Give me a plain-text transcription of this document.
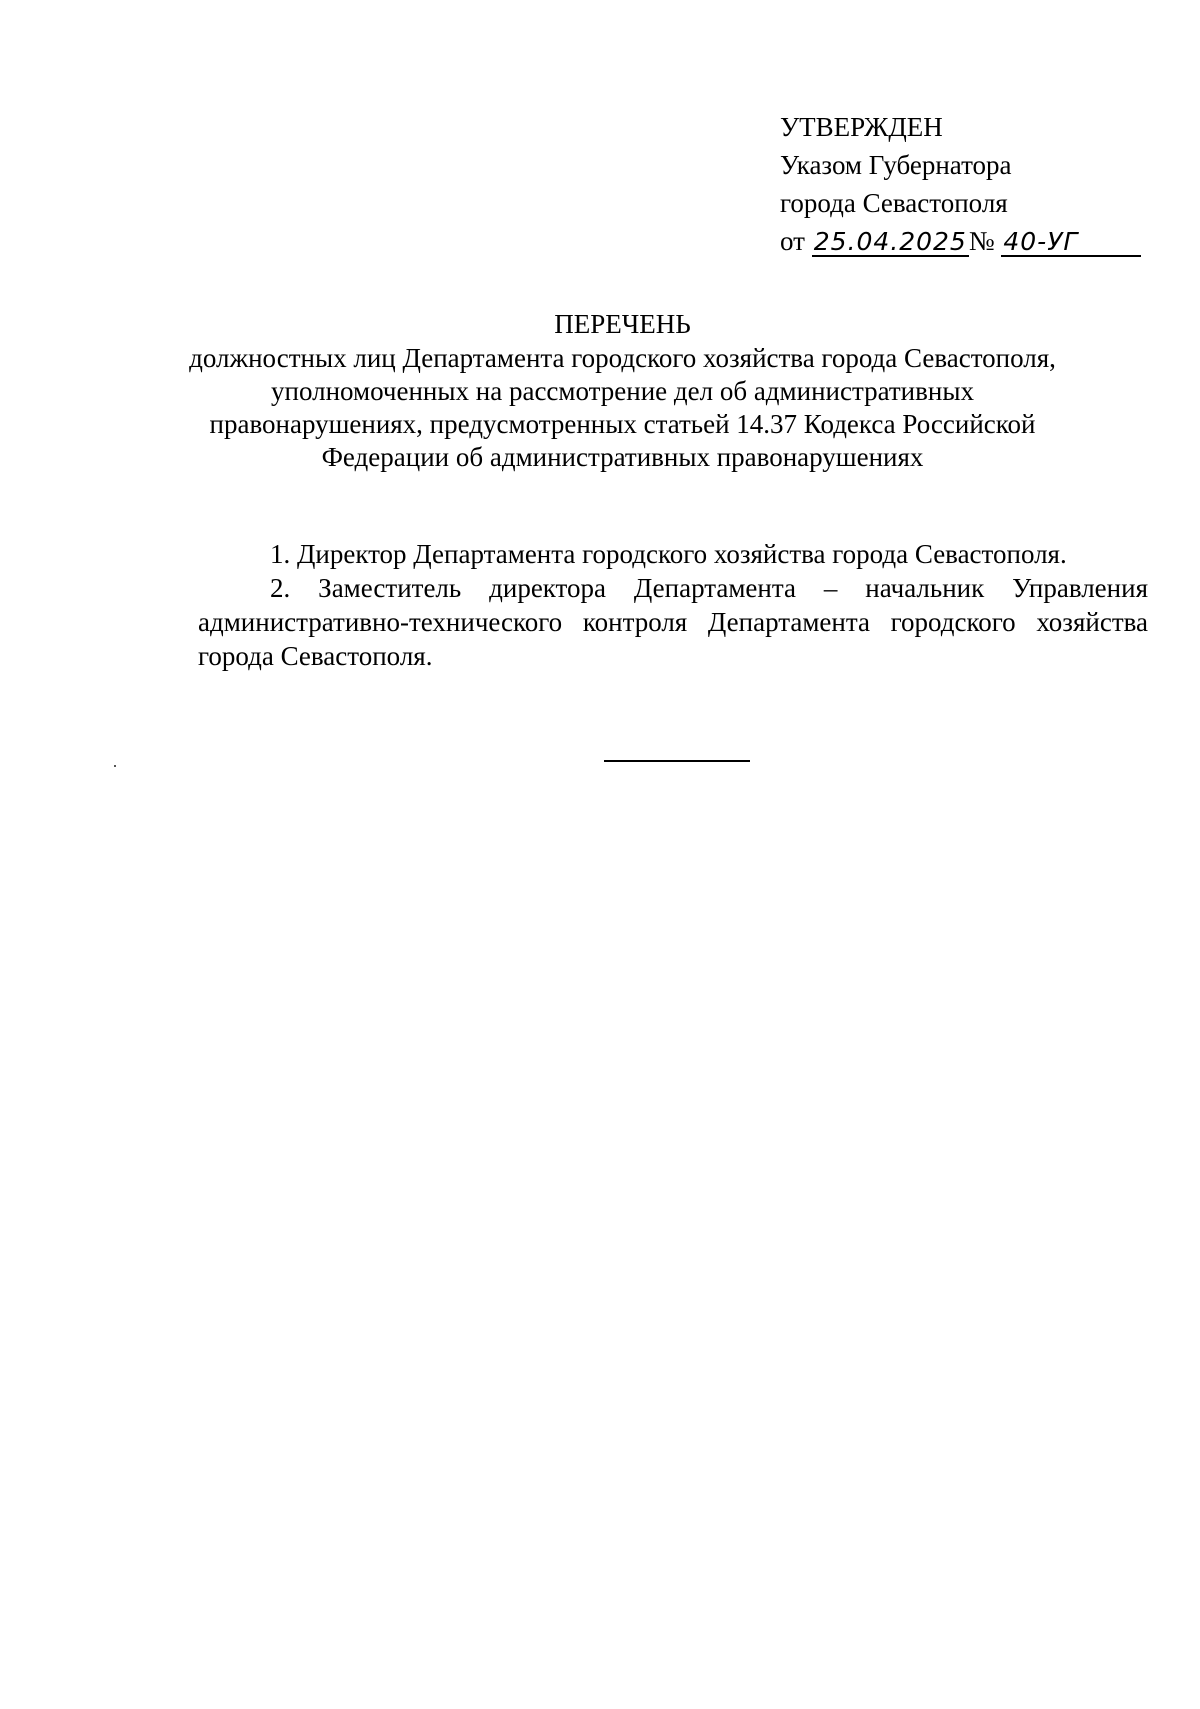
УТВЕРЖДЕН
Указом Губернатора
города Севастополя
от 25.04.2025№ 40-УГ
ПЕРЕЧЕНЬ
должностных лиц Департамента городского хозяйства города Севастополя,
уполномоченных на рассмотрение дел об административных
правонарушениях, предусмотренных статьей 14.37 Кодекса Российской
Федерации об административных правонарушениях

1. Директор Департамента городского хозяйства города Севастополя.

2. Заместитель директора Департамента – начальник Управления административно-технического контроля Департамента городского хозяйства города Севастополя.
